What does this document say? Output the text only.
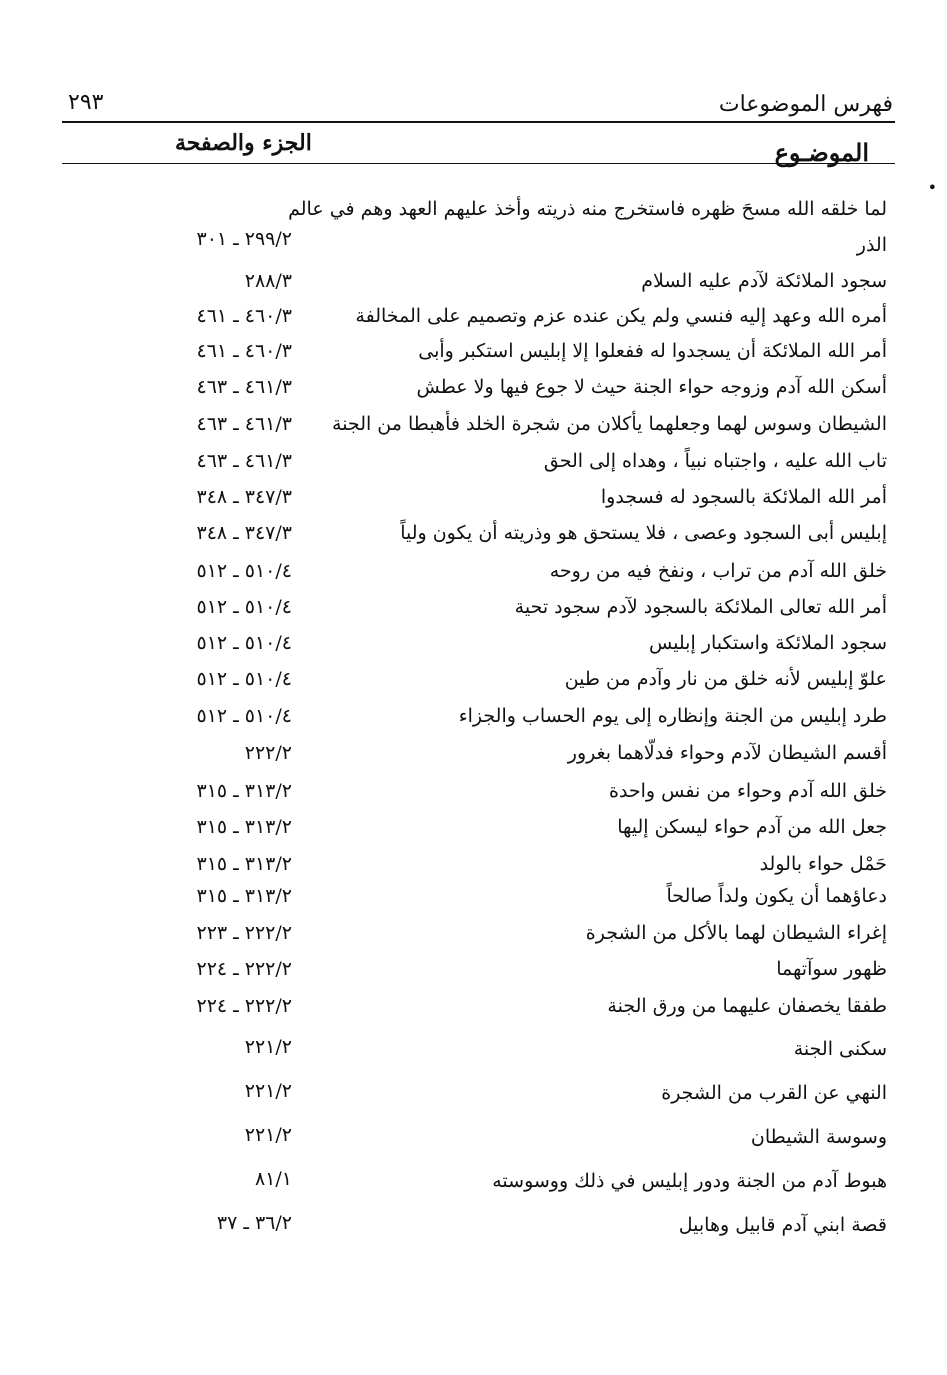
فهرس الموضوعات
٢٩٣
الموضـوع
الجزء والصفحة
•
لما خلقه الله مسحَ ظهره فاستخرج منه ذريته وأخذ عليهم العهد وهم في عالم
الذر
٢٩٩/٢ ـ ٣٠١
سجود الملائكة لآدم عليه السلام
٢٨٨/٣
أمره الله وعهد إليه فنسي ولم يكن عنده عزم وتصميم على المخالفة
٤٦٠/٣ ـ ٤٦١
أمر الله الملائكة أن يسجدوا له ففعلوا إلا إبليس استكبر وأبى
٤٦٠/٣ ـ ٤٦١
أسكن الله آدم وزوجه حواء الجنة حيث لا جوع فيها ولا عطش
٤٦١/٣ ـ ٤٦٣
الشيطان وسوس لهما وجعلهما يأكلان من شجرة الخلد فأهبطا من الجنة
٤٦١/٣ ـ ٤٦٣
تاب الله عليه ، واجتباه نبياً ، وهداه إلى الحق
٤٦١/٣ ـ ٤٦٣
أمر الله الملائكة بالسجود له فسجدوا
٣٤٧/٣ ـ ٣٤٨
إبليس أبى السجود وعصى ، فلا يستحق هو وذريته أن يكون ولياً
٣٤٧/٣ ـ ٣٤٨
خلق الله آدم من تراب ، ونفخ فيه من روحه
٥١٠/٤ ـ ٥١٢
أمر الله تعالى الملائكة بالسجود لآدم سجود تحية
٥١٠/٤ ـ ٥١٢
سجود الملائكة واستكبار إبليس
٥١٠/٤ ـ ٥١٢
علوّ إبليس لأنه خلق من نار وآدم من طين
٥١٠/٤ ـ ٥١٢
طرد إبليس من الجنة وإنظاره إلى يوم الحساب والجزاء
٥١٠/٤ ـ ٥١٢
أقسم الشيطان لآدم وحواء فدلّاهما بغرور
٢٢٢/٢
خلق الله آدم وحواء من نفس واحدة
٣١٣/٢ ـ ٣١٥
جعل الله من آدم حواء ليسكن إليها
٣١٣/٢ ـ ٣١٥
حَمْل حواء بالولد
٣١٣/٢ ـ ٣١٥
دعاؤهما أن يكون ولداً صالحاً
٣١٣/٢ ـ ٣١٥
إغراء الشيطان لهما بالأكل من الشجرة
٢٢٢/٢ ـ ٢٢٣
ظهور سوآتهما
٢٢٢/٢ ـ ٢٢٤
طفقا يخصفان عليهما من ورق الجنة
٢٢٢/٢ ـ ٢٢٤
سكنى الجنة
٢٢١/٢
النهي عن القرب من الشجرة
٢٢١/٢
وسوسة الشيطان
٢٢١/٢
هبوط آدم من الجنة ودور إبليس في ذلك ووسوسته
٨١/١
قصة ابني آدم قابيل وهابيل
٣٦/٢ ـ ٣٧
